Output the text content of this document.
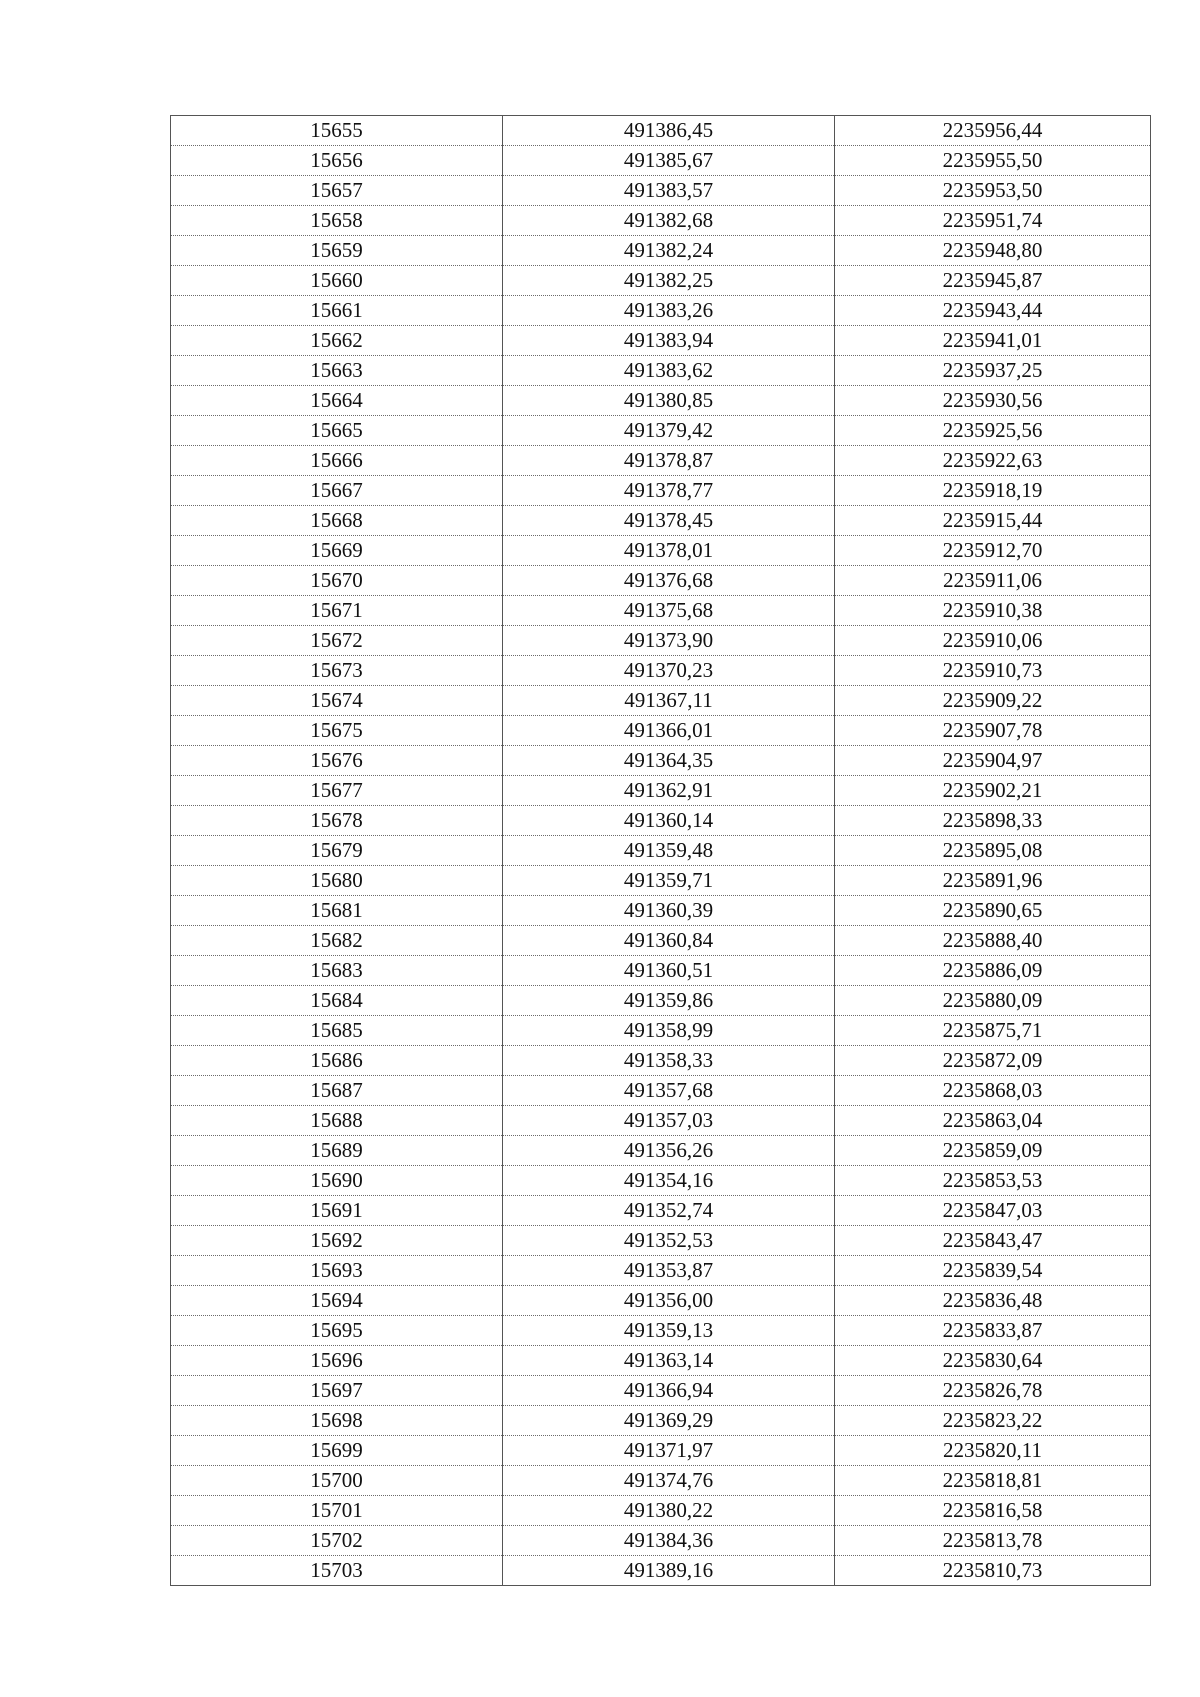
15655	491386,45	2235956,44
15656	491385,67	2235955,50
15657	491383,57	2235953,50
15658	491382,68	2235951,74
15659	491382,24	2235948,80
15660	491382,25	2235945,87
15661	491383,26	2235943,44
15662	491383,94	2235941,01
15663	491383,62	2235937,25
15664	491380,85	2235930,56
15665	491379,42	2235925,56
15666	491378,87	2235922,63
15667	491378,77	2235918,19
15668	491378,45	2235915,44
15669	491378,01	2235912,70
15670	491376,68	2235911,06
15671	491375,68	2235910,38
15672	491373,90	2235910,06
15673	491370,23	2235910,73
15674	491367,11	2235909,22
15675	491366,01	2235907,78
15676	491364,35	2235904,97
15677	491362,91	2235902,21
15678	491360,14	2235898,33
15679	491359,48	2235895,08
15680	491359,71	2235891,96
15681	491360,39	2235890,65
15682	491360,84	2235888,40
15683	491360,51	2235886,09
15684	491359,86	2235880,09
15685	491358,99	2235875,71
15686	491358,33	2235872,09
15687	491357,68	2235868,03
15688	491357,03	2235863,04
15689	491356,26	2235859,09
15690	491354,16	2235853,53
15691	491352,74	2235847,03
15692	491352,53	2235843,47
15693	491353,87	2235839,54
15694	491356,00	2235836,48
15695	491359,13	2235833,87
15696	491363,14	2235830,64
15697	491366,94	2235826,78
15698	491369,29	2235823,22
15699	491371,97	2235820,11
15700	491374,76	2235818,81
15701	491380,22	2235816,58
15702	491384,36	2235813,78
15703	491389,16	2235810,73
